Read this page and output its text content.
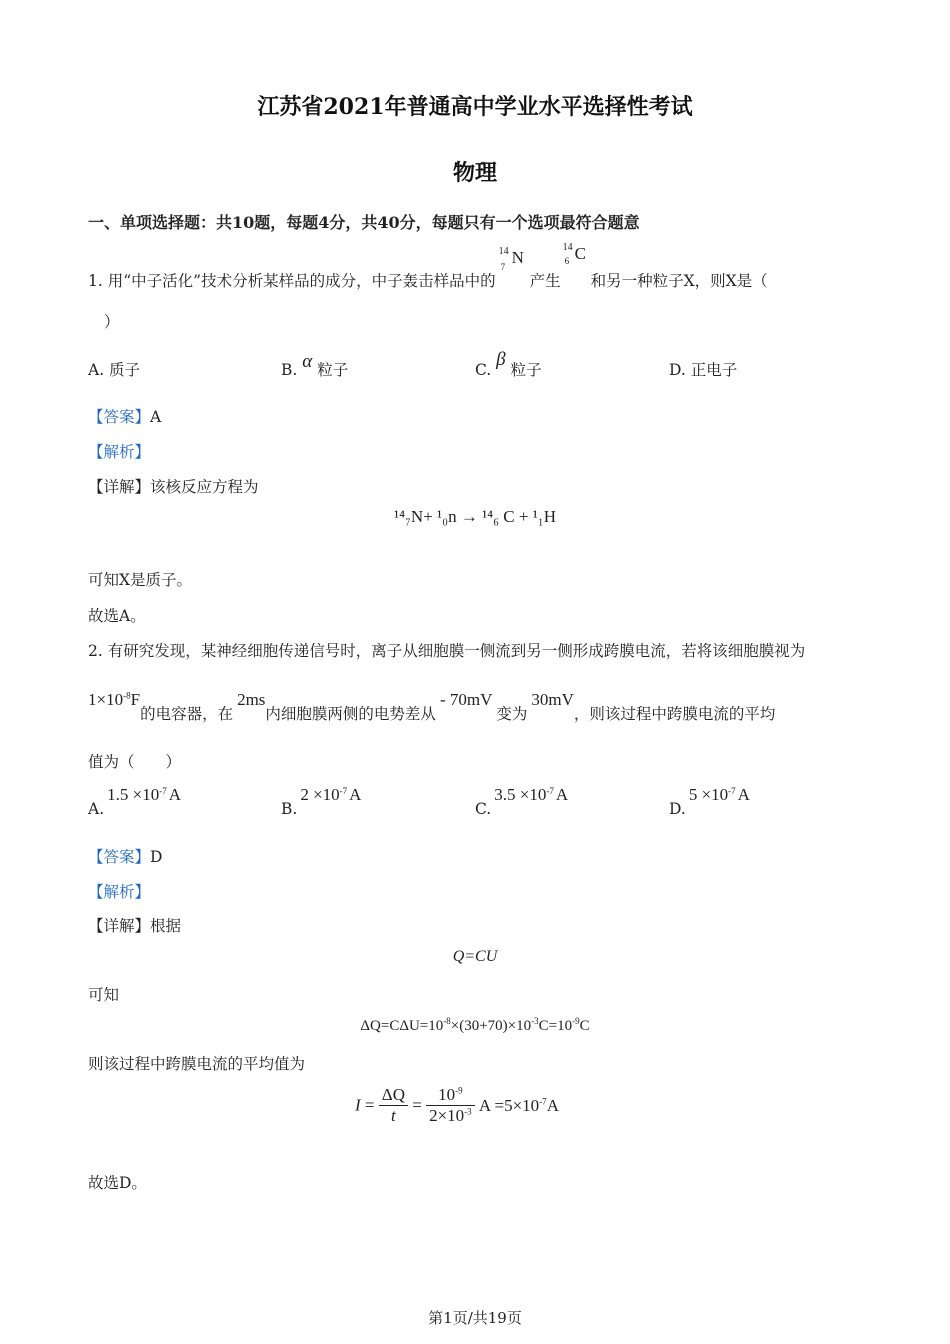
江苏省2021年普通高中学业水平选择性考试
物理
一、单项选择题：共10题，每题4分，共40分，每题只有一个选项最符合题意
1. 用“中子活化”技术分析某样品的成分，中子轰击样品中的
14
7 N
产生
14
6 C
和另一种粒子X，则X是（
）
A. 质子	B. α 粒子	C. β 粒子	D. 正电子
【答案】A
【解析】
【详解】该核反应方程为
¹⁴₇N+ ¹₀n → ¹⁴₆ C + ¹₁H
可知X是质子。
故选A。
2. 有研究发现，某神经细胞传递信号时，离子从细胞膜一侧流到另一侧形成跨膜电流，若将该细胞膜视为
$1\times 10^{-8}F$的电容器，在2ms内细胞膜两侧的电势差从- 70mV变为30mV，则该过程中跨膜电流的平均
值为（　　）
$A.1.5 \times 10^{-7}$ A
$B.2 \times 10^{-7}$ A
$C.3.5 \times 10^{-7}$ A
$D.5 \times 10^{-7}$ A
【答案】D
【解析】
【详解】根据
Q=CU
可知
$\Delta Q=C\Delta U=10^{-8}\times(30+70)\times 10^{-3}C=10^{-9}C$
则该过程中跨膜电流的平均值为
$I = \frac{\Delta Q}{t} = \frac{10^{-9}}{2\times 10^{-3}}$ $A =5\times 10^{-7}A$
故选D。
第1页/共19页
